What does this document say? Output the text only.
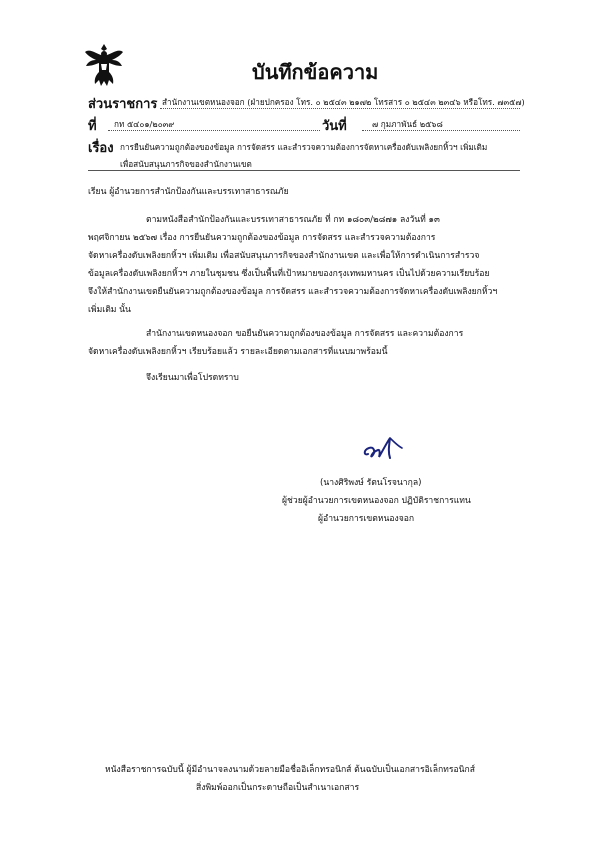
บันทึกข้อความ
ส่วนราชการ สำนักงานเขตหนองจอก (ฝ่ายปกครอง โทร. ๐ ๒๕๔๓ ๒๑๗๒ โทรสาร ๐ ๒๕๔๓ ๒๓๔๖ หรือโทร. ๗๓๕๗)
ที่ กท ๕๔๐๑/๒๐๓๙	วันที่	๗ กุมภาพันธ์ ๒๕๖๘
เรื่อง การยืนยันความถูกต้องของข้อมูล การจัดสรร และสำรวจความต้องการจัดหาเครื่องดับเพลิงยกหิ้วฯ เพิ่มเติม
เพื่อสนับสนุนภารกิจของสำนักงานเขต
เรียน ผู้อำนวยการสำนักป้องกันและบรรเทาสาธารณภัย
ตามหนังสือสำนักป้องกันและบรรเทาสาธารณภัย ที่ กท ๑๘๐๓/๒๘๗๑ ลงวันที่ ๑๓
พฤศจิกายน ๒๕๖๗ เรื่อง การยืนยันความถูกต้องของข้อมูล การจัดสรร และสำรวจความต้องการ
จัดหาเครื่องดับเพลิงยกหิ้วฯ เพิ่มเติม เพื่อสนับสนุนภารกิจของสำนักงานเขต และเพื่อให้การดำเนินการสำรวจ
ข้อมูลเครื่องดับเพลิงยกหิ้วฯ ภายในชุมชน ซึ่งเป็นพื้นที่เป้าหมายของกรุงเทพมหานคร เป็นไปด้วยความเรียบร้อย
จึงให้สำนักงานเขตยืนยันความถูกต้องของข้อมูล การจัดสรร และสำรวจความต้องการจัดหาเครื่องดับเพลิงยกหิ้วฯ
เพิ่มเติม นั้น
สำนักงานเขตหนองจอก ขอยืนยันความถูกต้องของข้อมูล การจัดสรร และความต้องการ
จัดหาเครื่องดับเพลิงยกหิ้วฯ เรียบร้อยแล้ว รายละเอียดตามเอกสารที่แนบมาพร้อมนี้
จึงเรียนมาเพื่อโปรดทราบ
(นางศิริพงษ์ รัตนโรจนากุล)
ผู้ช่วยผู้อำนวยการเขตหนองจอก ปฏิบัติราชการแทน
ผู้อำนวยการเขตหนองจอก
หนังสือราชการฉบับนี้ ผู้มีอำนาจลงนามด้วยลายมือชื่ออิเล็กทรอนิกส์ ต้นฉบับเป็นเอกสารอิเล็กทรอนิกส์
สิ่งพิมพ์ออกเป็นกระดาษถือเป็นสำเนาเอกสาร
